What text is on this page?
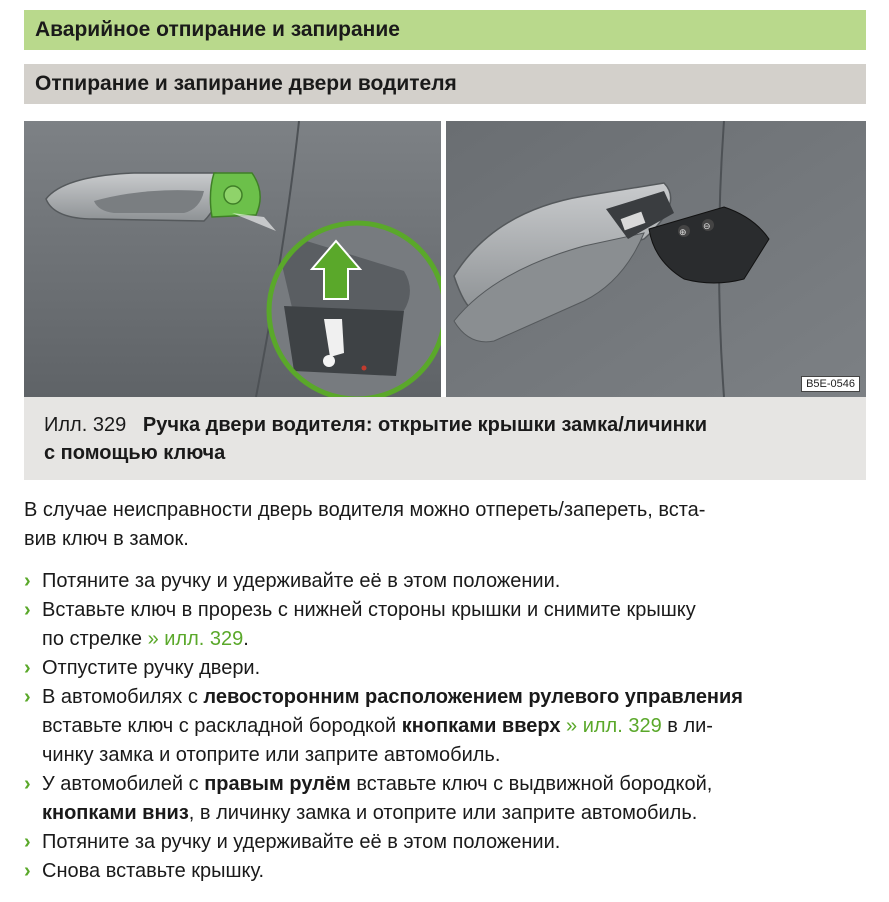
Аварийное отпирание и запирание
Отпирание и запирание двери водителя
⊕
⊖
B5E-0546
Илл. 329 Ручка двери водителя: открытие крышки замка/личинки
с помощью ключа
В случае неисправности дверь водителя можно отпереть/запереть, вста-
вив ключ в замок.
› Потяните за ручку и удерживайте её в этом положении.
› Вставьте ключ в прорезь с нижней стороны крышки и снимите крышку
по стрелке » илл. 329.
› Отпустите ручку двери.
› В автомобилях с левосторонним расположением рулевого управления
вставьте ключ с раскладной бородкой кнопками вверх » илл. 329 в ли-
чинку замка и отоприте или заприте автомобиль.
› У автомобилей с правым рулём вставьте ключ с выдвижной бородкой,
кнопками вниз, в личинку замка и отоприте или заприте автомобиль.
› Потяните за ручку и удерживайте её в этом положении.
› Снова вставьте крышку.
